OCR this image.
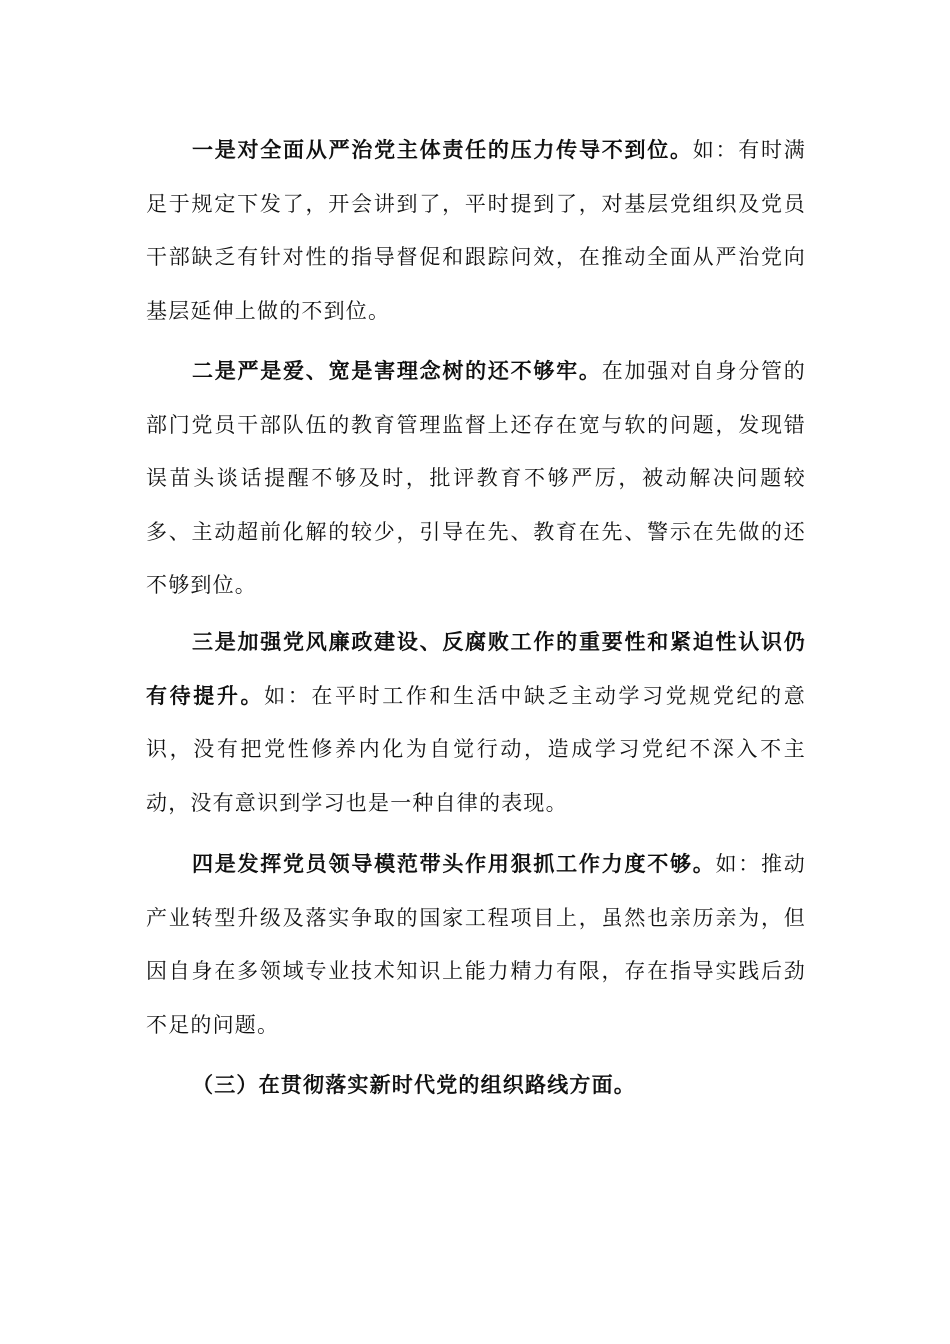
一是对全面从严治党主体责任的压力传导不到位。如：有时满足于规定下发了，开会讲到了，平时提到了，对基层党组织及党员干部缺乏有针对性的指导督促和跟踪问效，在推动全面从严治党向基层延伸上做的不到位。

二是严是爱、宽是害理念树的还不够牢。在加强对自身分管的部门党员干部队伍的教育管理监督上还存在宽与软的问题，发现错误苗头谈话提醒不够及时，批评教育不够严厉，被动解决问题较多、主动超前化解的较少，引导在先、教育在先、警示在先做的还不够到位。

三是加强党风廉政建设、反腐败工作的重要性和紧迫性认识仍有待提升。如：在平时工作和生活中缺乏主动学习党规党纪的意识，没有把党性修养内化为自觉行动，造成学习党纪不深入不主动，没有意识到学习也是一种自律的表现。

四是发挥党员领导模范带头作用狠抓工作力度不够。如：推动产业转型升级及落实争取的国家工程项目上，虽然也亲历亲为，但因自身在多领域专业技术知识上能力精力有限，存在指导实践后劲不足的问题。

（三）在贯彻落实新时代党的组织路线方面。
